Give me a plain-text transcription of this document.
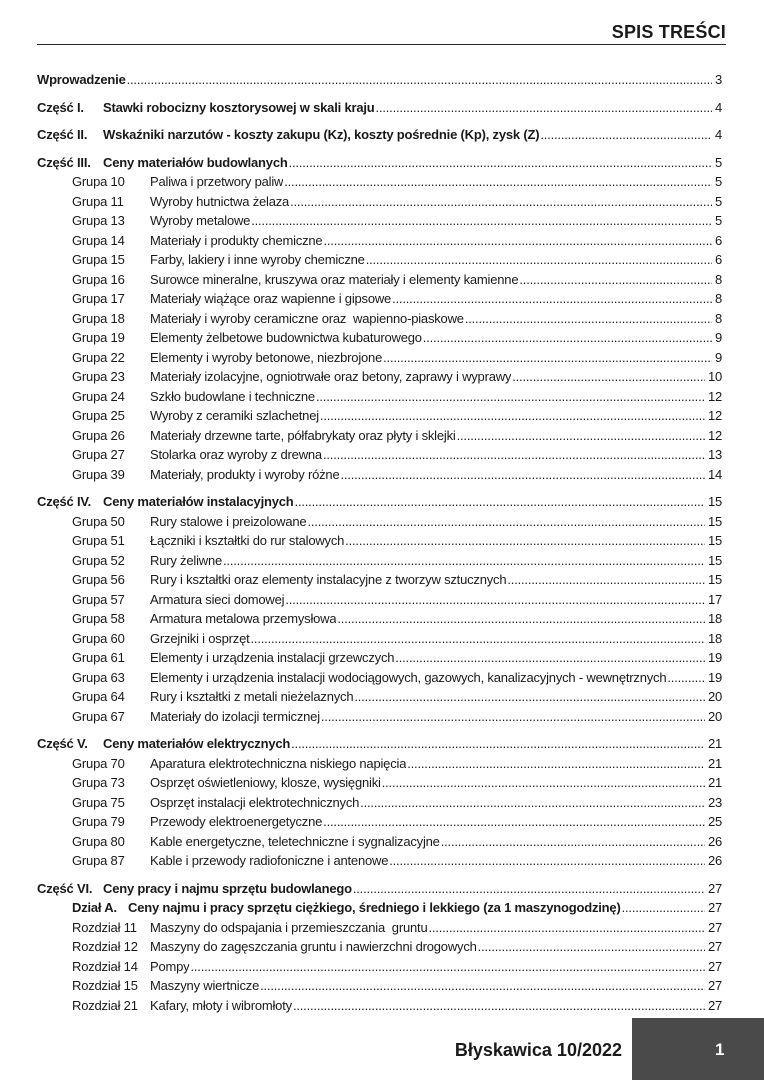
SPIS TREŚCI
Wprowadzenie .....	3
Część I.	Stawki robocizny kosztorysowej w skali kraju .....	4
Część II.	Wskaźniki narzutów - koszty zakupu (Kz), koszty pośrednie (Kp), zysk (Z) .....	4
Część III. Ceny materiałów budowlanych .....	5
Grupa 10	Paliwa i przetwory paliw .....	5
Grupa 11	Wyroby hutnictwa żelaza .....	5
Grupa 13	Wyroby metalowe .....	5
Grupa 14	Materiały i produkty chemiczne .....	6
Grupa 15	Farby, lakiery i inne wyroby chemiczne .....	6
Grupa 16	Surowce mineralne, kruszywa oraz materiały i elementy kamienne .....	8
Grupa 17	Materiały wiążące oraz wapienne i gipsowe .....	8
Grupa 18	Materiały i wyroby ceramiczne oraz  wapienno-piaskowe .....	8
Grupa 19	Elementy żelbetowe budownictwa kubaturowego .....	9
Grupa 22	Elementy i wyroby betonowe, niezbrojone .....	9
Grupa 23	Materiały izolacyjne, ogniotrwałe oraz betony, zaprawy i wyprawy .....	10
Grupa 24	Szkło budowlane i techniczne .....	12
Grupa 25	Wyroby z ceramiki szlachetnej .....	12
Grupa 26	Materiały drzewne tarte, półfabrykaty oraz płyty i sklejki .....	12
Grupa 27	Stolarka oraz wyroby z drewna .....	13
Grupa 39	Materiały, produkty i wyroby różne .....	14
Część IV. Ceny materiałów instalacyjnych .....	15
Grupa 50	Rury stalowe i preizolowane .....	15
Grupa 51	Łączniki i kształtki do rur stalowych .....	15
Grupa 52	Rury żeliwne .....	15
Grupa 56	Rury i kształtki oraz elementy instalacyjne z tworzyw sztucznych .....	15
Grupa 57	Armatura sieci domowej .....	17
Grupa 58	Armatura metalowa przemysłowa .....	18
Grupa 60	Grzejniki i osprzęt .....	18
Grupa 61	Elementy i urządzenia instalacji grzewczych .....	19
Grupa 63	Elementy i urządzenia instalacji wodociągowych, gazowych, kanalizacyjnych - wewnętrznych .....	19
Grupa 64	Rury i kształtki z metali nieżelaznych .....	20
Grupa 67	Materiały do izolacji termicznej .....	20
Część V.	Ceny materiałów elektrycznych .....	21
Grupa 70	Aparatura elektrotechniczna niskiego napięcia .....	21
Grupa 73	Osprzęt oświetleniowy, klosze, wysięgniki .....	21
Grupa 75	Osprzęt instalacji elektrotechnicznych .....	23
Grupa 79	Przewody elektroenergetyczne .....	25
Grupa 80	Kable energetyczne, teletechniczne i sygnalizacyjne .....	26
Grupa 87	Kable i przewody radiofoniczne i antenowe .....	26
Część VI. Ceny pracy i najmu sprzętu budowlanego .....	27
Dział A. Ceny najmu i pracy sprzętu ciężkiego, średniego i lekkiego (za 1 maszynogodzinę) .....	27
Rozdział 11	Maszyny do odspajania i przemieszczania  gruntu .....	27
Rozdział 12 Maszyny do zagęszczania gruntu i nawierzchni drogowych .....	27
Rozdział 14 Pompy .....	27
Rozdział 15 Maszyny wiertnicze .....	27
Rozdział 21 Kafary, młoty i wibromłoty .....	27
Błyskawica 10/2022	1
